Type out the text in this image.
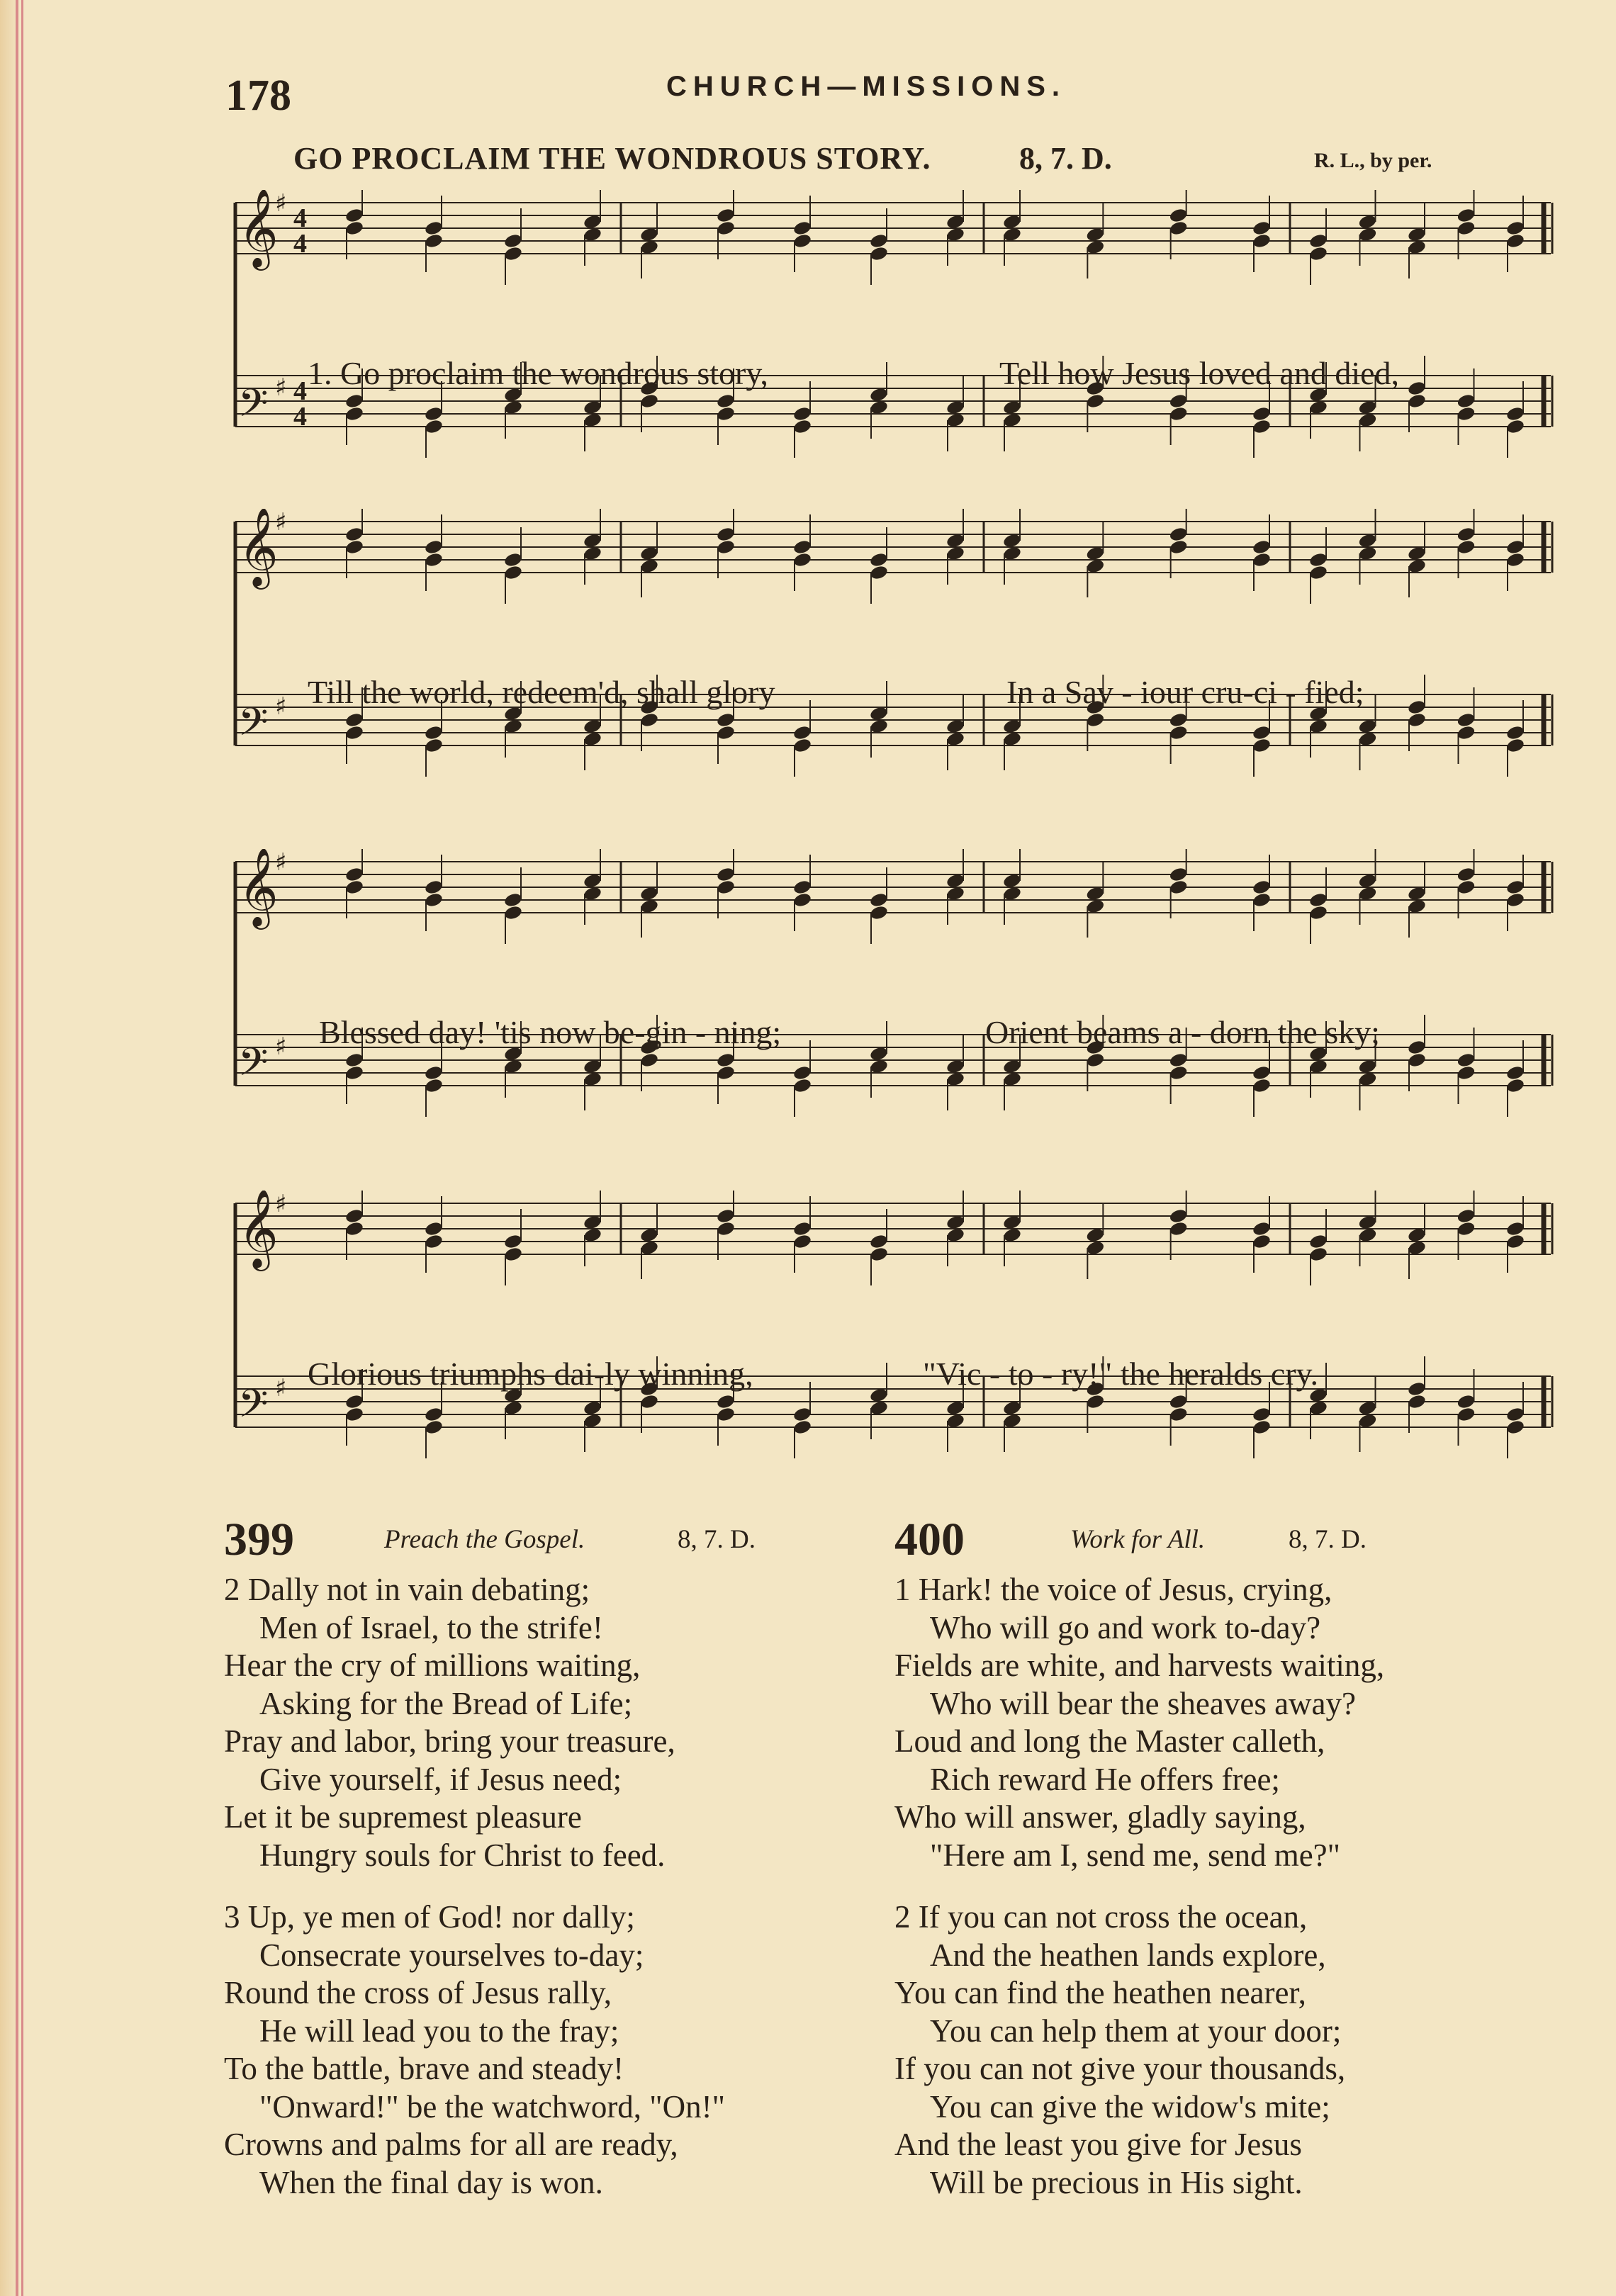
178	CHURCH—MISSIONS.
GO PROCLAIM THE WONDROUS STORY.	8, 7. D.	R. L., by per.
𝄞
♯ 4
4
𝄢 ♯ 4
4
1. Go proclaim the wondrous story,	Tell how Jesus loved and died,
𝄞
♯
𝄢 ♯ Till the world, redeem'd, shall glory	In a Sav - iour cru-ci - fied;
𝄞
♯
𝄢 ♯ Blessed day! 'tis now be-gin - ning;	Orient beams a - dorn the sky;
𝄞
♯
𝄢 ♯ Glorious triumphs dai-ly winning,	"Vic - to - ry!" the heralds cry.
399	Preach the Gospel.	8, 7. D.
2 Dally not in vain debating;
Men of Israel, to the strife!
Hear the cry of millions waiting,
Asking for the Bread of Life;
Pray and labor, bring your treasure,
Give yourself, if Jesus need;
Let it be supremest pleasure
Hungry souls for Christ to feed.
3 Up, ye men of God! nor dally;
Consecrate yourselves to-day;
Round the cross of Jesus rally,
He will lead you to the fray;
To the battle, brave and steady!
"Onward!" be the watchword, "On!"
Crowns and palms for all are ready,
When the final day is won.
400	Work for All.	8, 7. D.
1 Hark! the voice of Jesus, crying,
Who will go and work to-day?
Fields are white, and harvests waiting,
Who will bear the sheaves away?
Loud and long the Master calleth,
Rich reward He offers free;
Who will answer, gladly saying,
"Here am I, send me, send me?"
2 If you can not cross the ocean,
And the heathen lands explore,
You can find the heathen nearer,
You can help them at your door;
If you can not give your thousands,
You can give the widow's mite;
And the least you give for Jesus
Will be precious in His sight.
